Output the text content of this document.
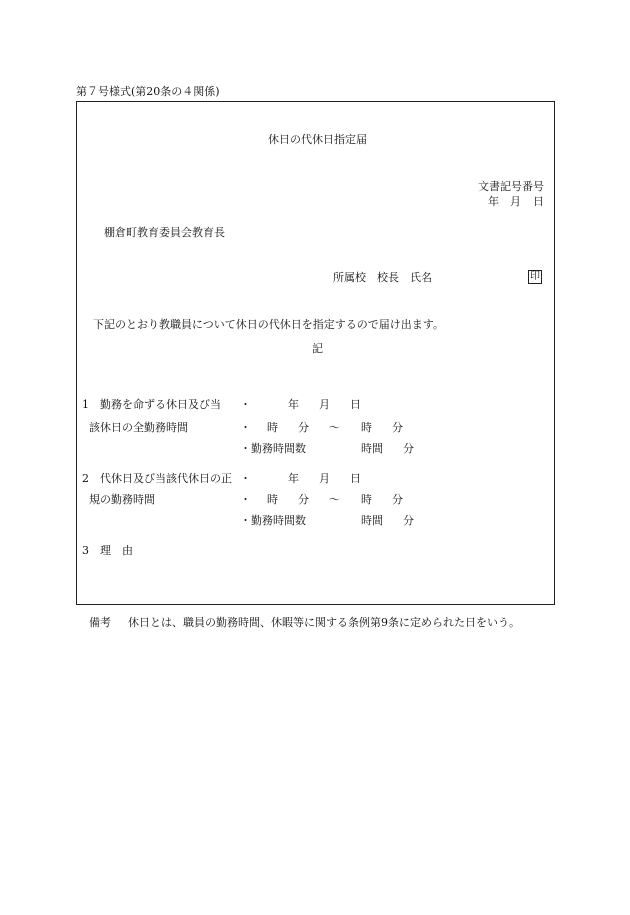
第７号様式(第20条の４関係)
休日の代休日指定届
文書記号番号
年 月 日
棚倉町教育委員会教育長
所属校　校長　氏名	印
下記のとおり教職員について休日の代休日を指定するので届け出ます。
記
1　勤務を命ずる休日及び当
該休日の全勤務時間
・	年 月 日
・ 時 分 ～ 時 分
・勤務時間数	時間 分
2　代休日及び当該代休日の正
規の勤務時間
・	年 月 日
・ 時 分 ～ 時 分
・勤務時間数	時間 分
3　理　由
備考 休日とは、職員の勤務時間、休暇等に関する条例第9条に定められた日をいう。
